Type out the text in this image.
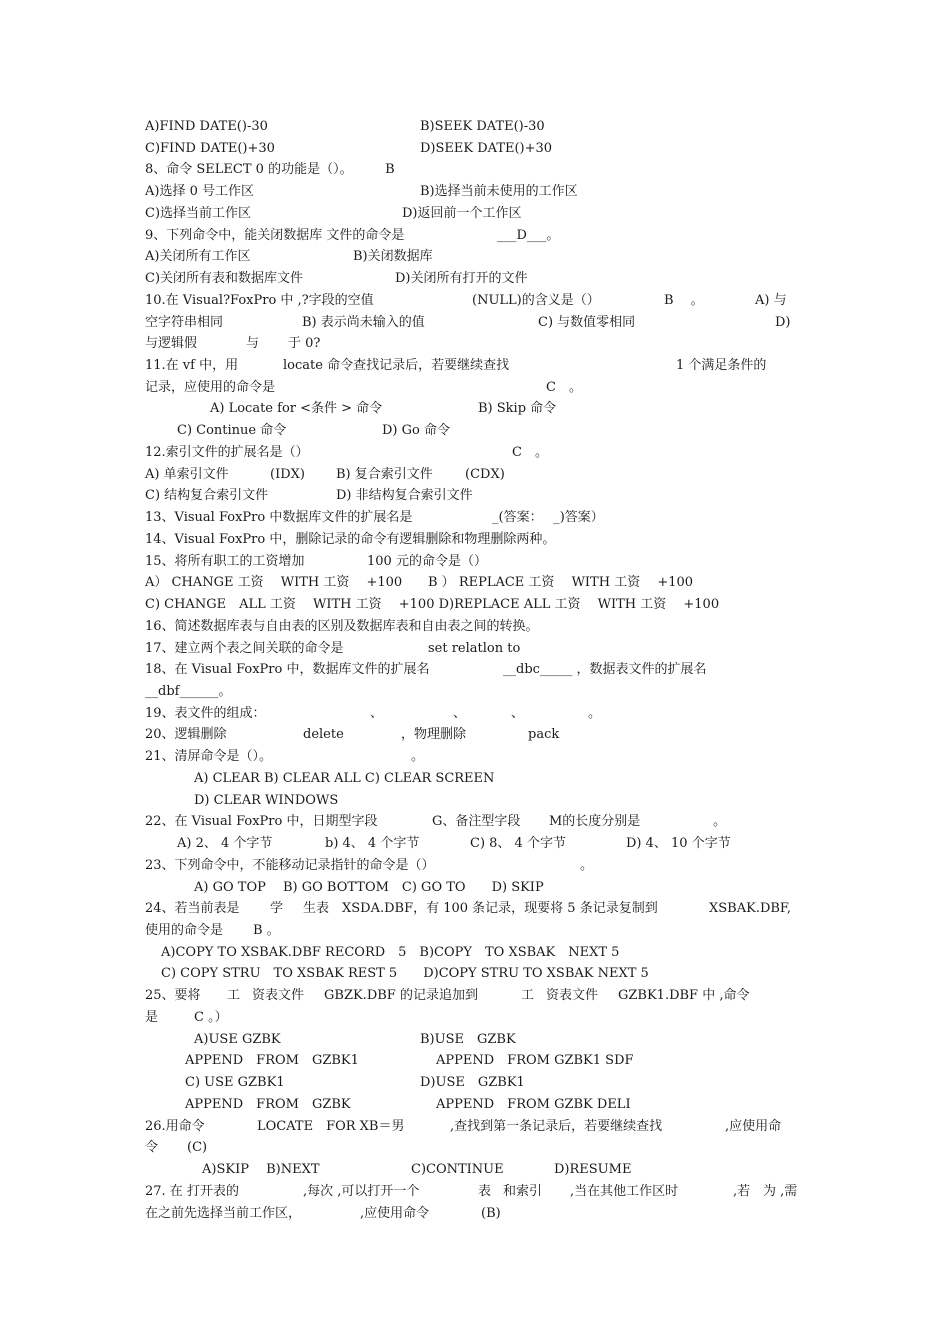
A)FIND DATE()-30	B)SEEK DATE()-30
C)FIND DATE()+30	D)SEEK DATE()+30
8、命令 SELECT 0 的功能是（）。　　　B
A)选择 0 号工作区	B)选择当前未使用的工作区
C)选择当前工作区	D)返回前一个工作区
9、下列命令中，能关闭数据库 文件的命令是	___D___。
A)关闭所有工作区	B)关闭数据库
C)关闭所有表和数据库文件	D)关闭所有打开的文件
10.在 Visual?FoxPro 中 ,?字段的空值	(NULL)的含义是（）	B　 。	A) 与
空字符串相同	B) 表示尚未输入的值	C) 与数值零相同	D)
与逻辑假	与 于 0?
11.在 vf 中，用	locate 命令查找记录后，若要继续查找	1 个满足条件的
记录，应使用的命令是	C　。
A) Locate for <条件 > 命令	B) Skip 命令
C) Continue 命令	D) Go 命令
12.索引文件的扩展名是（）	C　。
A) 单索引文件	(IDX) B) 复合索引文件 (CDX)
C) 结构复合索引文件	D) 非结构复合索引文件
13、Visual FoxPro 中数据库文件的扩展名是	_(答案：　 _)答案）
14、Visual FoxPro 中，删除记录的命令有逻辑删除和物理删除两种。
15、将所有职工的工资增加	100 元的命令是（）
A） CHANGE 工资　 WITH 工资　 +100 B ） REPLACE 工资　 WITH 工资　 +100
C) CHANGE　ALL 工资　 WITH 工资　 +100 D)REPLACE ALL 工资　 WITH 工资　 +100
16、简述数据库表与自由表的区别及数据库表和自由表之间的转换。
17、建立两个表之间关联的命令是	set relatlon to
18、在 Visual FoxPro 中，数据库文件的扩展名	__dbc_____ ，数据表文件的扩展名
__dbf______。
19、表文件的组成：	、	、	、	。
20、逻辑删除	delete	，物理删除	pack
21、清屏命令是（）。	。
A) CLEAR B) CLEAR ALL C) CLEAR SCREEN
D) CLEAR WINDOWS
22、在 Visual FoxPro 中，日期型字段	G、备注型字段 M的长度分别是	。
A) 2、 4 个字节	b) 4、 4 个字节	C) 8、 4 个字节	D) 4、 10 个字节
23、下列命令中，不能移动记录指针的命令是（）	。
A) GO TOP　 B) GO BOTTOM　C) GO TO　　D) SKIP
24、若当前表是 学 生表 XSDA.DBF，有 100 条记录，现要将 5 条记录复制到	XSBAK.DBF,
使用的命令是 B 。
A)COPY TO XSBAK.DBF RECORD　5　B)COPY　TO XSBAK　NEXT 5
C) COPY STRU　TO XSBAK REST 5　　D)COPY STRU TO XSBAK NEXT 5
25、要将 工 资表文件 GBZK.DBF 的记录追加到	工 资表文件 GZBK1.DBF 中 ,命令
是	C 。）
A)USE GZBK	B)USE　GZBK
APPEND　FROM　GZBK1	APPEND　FROM GZBK1 SDF
C) USE GZBK1	D)USE　GZBK1
APPEND　FROM　GZBK	APPEND　FROM GZBK DELI
26.用命令	LOCATE　FOR XB＝男	,查找到第一条记录后，若要继续查找	,应使用命
令 (C)
A)SKIP　 B)NEXT	C)CONTINUE	D)RESUME
27. 在 打开表的	,每次 ,可以打开一个	表 和索引 ,当在其他工作区时	,若 为 ,需
在之前先选择当前工作区，	,应使用命令	(B)
